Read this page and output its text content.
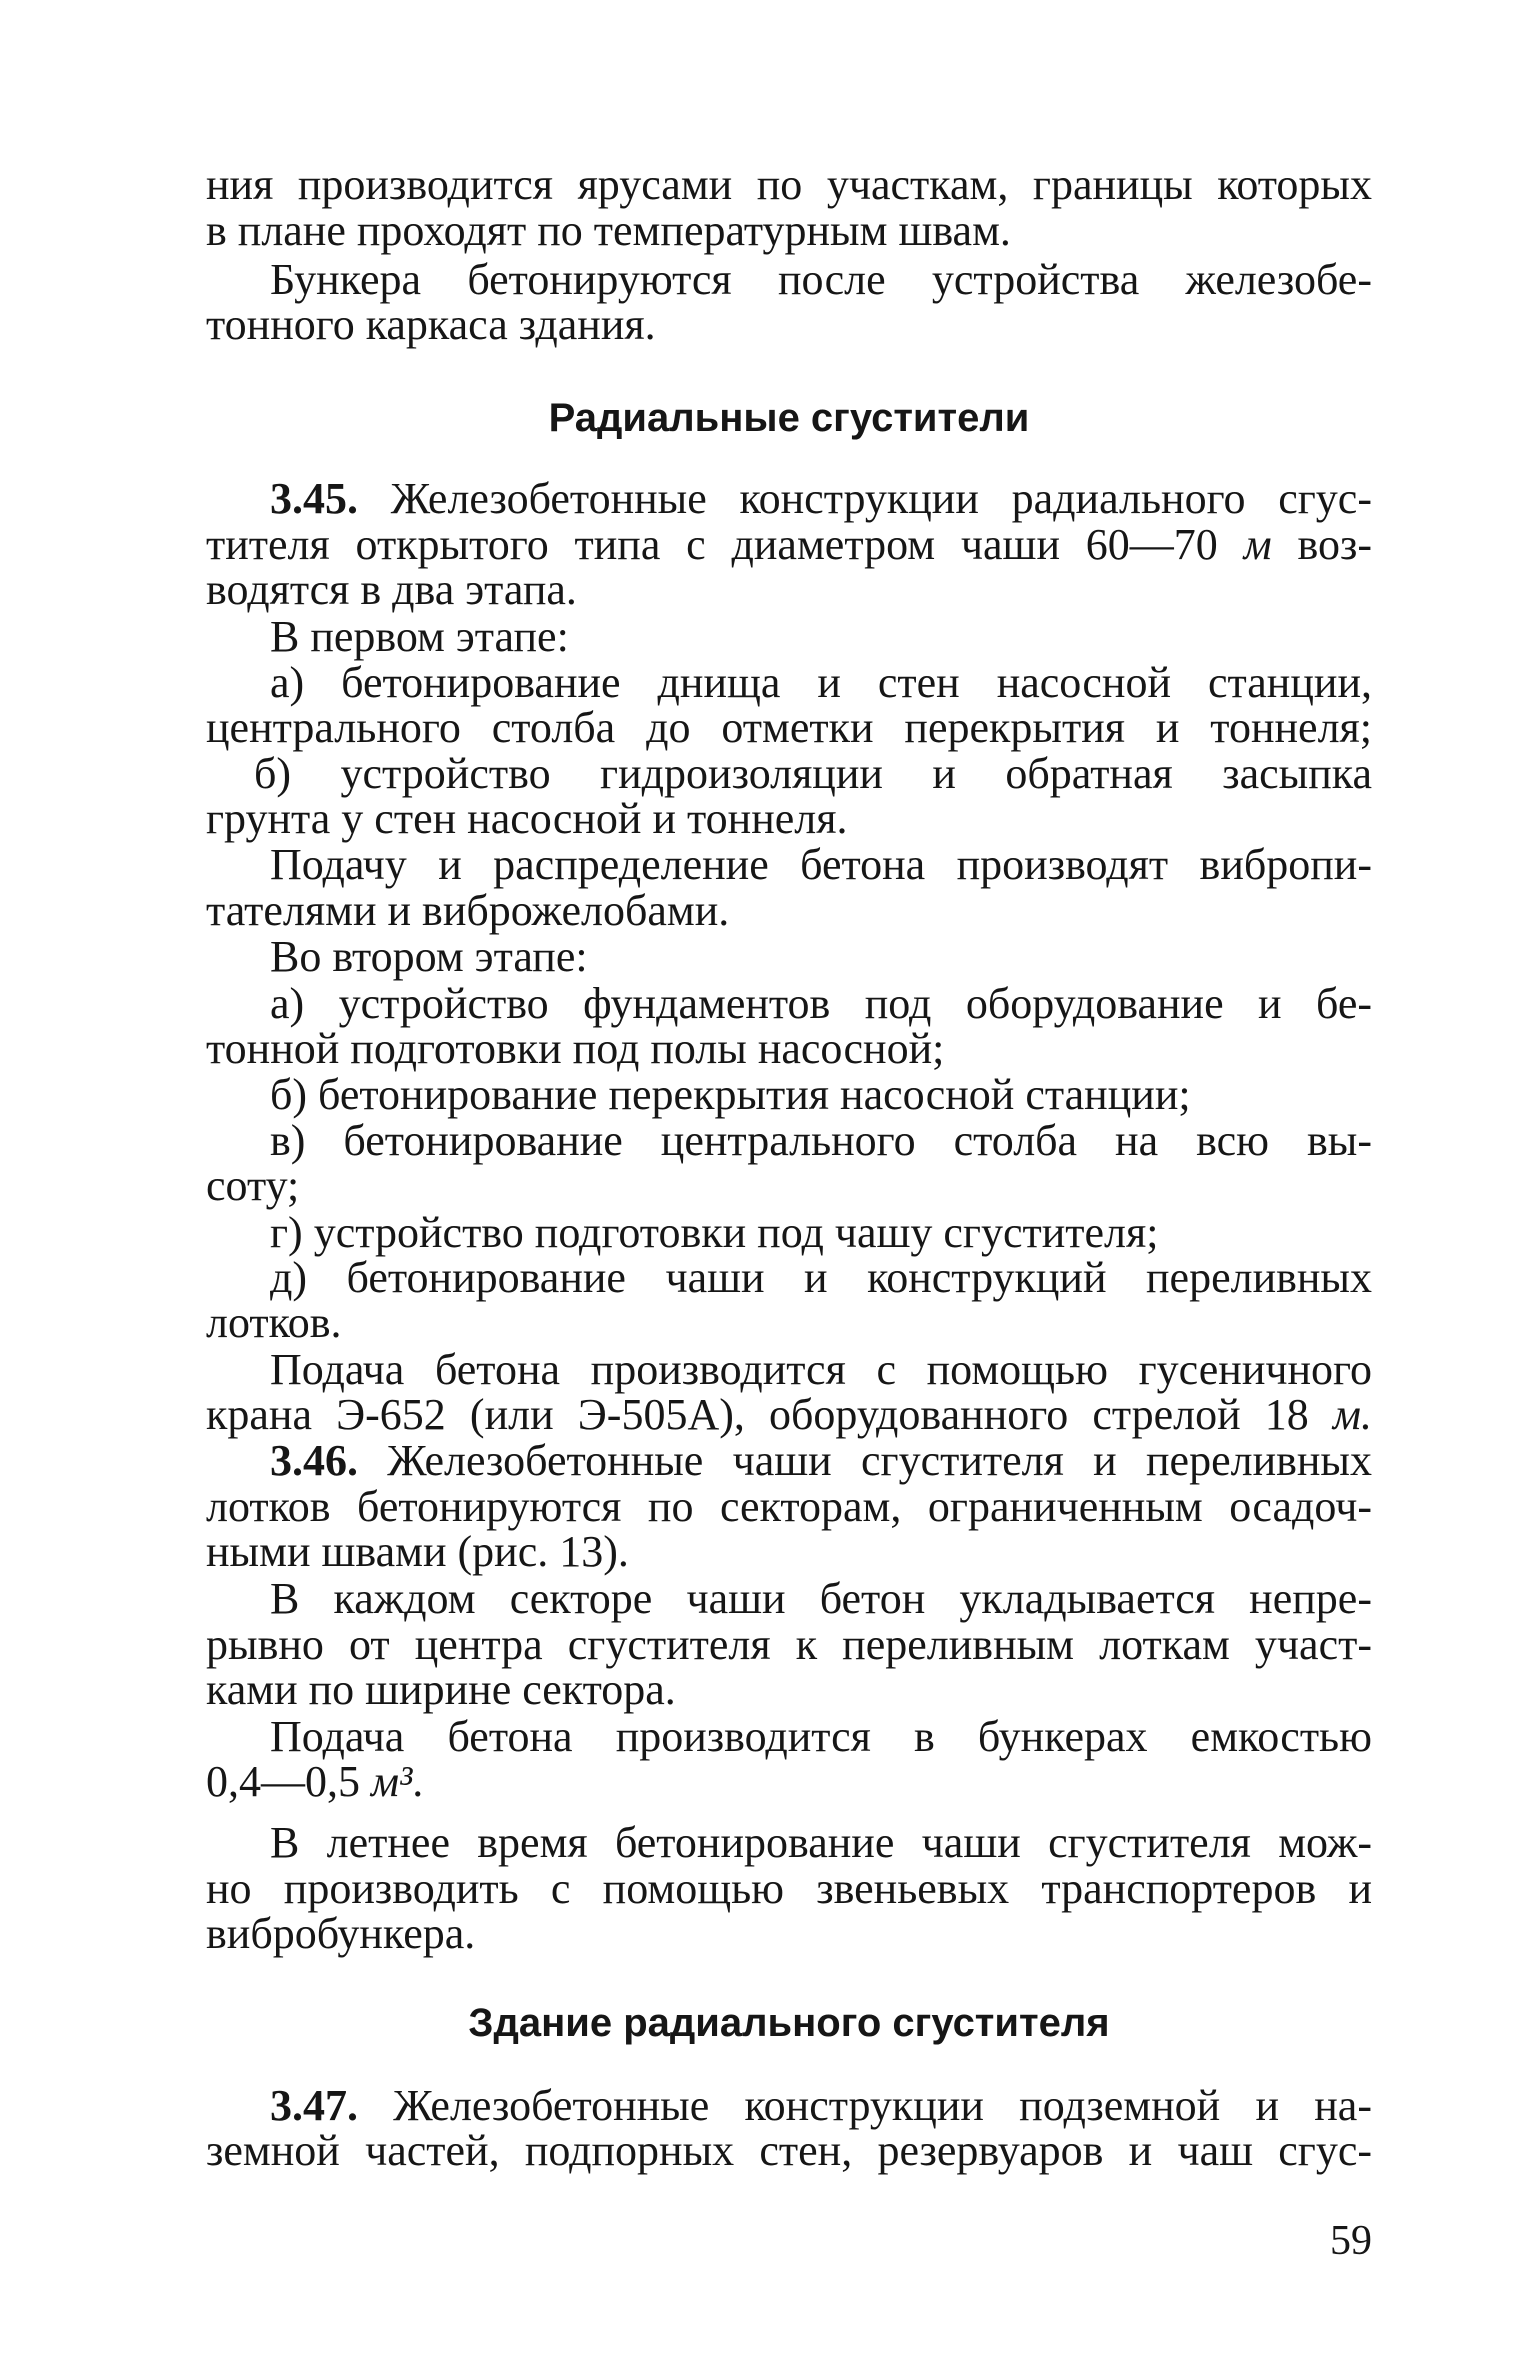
ния производится ярусами по участкам, границы которых
в плане проходят по температурным швам.
Бункера бетонируются после устройства железобе-
тонного каркаса здания.
Радиальные сгустители
3.45. Железобетонные конструкции радиального сгус-
тителя открытого типа с диаметром чаши 60—70 м воз-
водятся в два этапа.
В первом этапе:
а) бетонирование днища и стен насосной станции,
центрального столба до отметки перекрытия и тоннеля;
б) устройство гидроизоляции и обратная засыпка
грунта у стен насосной и тоннеля.
Подачу и распределение бетона производят вибропи-
тателями и виброжелобами.
Во втором этапе:
а) устройство фундаментов под оборудование и бе-
тонной подготовки под полы насосной;
б) бетонирование перекрытия насосной станции;
в) бетонирование центрального столба на всю вы-
соту;
г) устройство подготовки под чашу сгустителя;
д) бетонирование чаши и конструкций переливных
лотков.
Подача бетона производится с помощью гусеничного
крана Э-652 (или Э-505А), оборудованного стрелой 18 м.
3.46. Железобетонные чаши сгустителя и переливных
лотков бетонируются по секторам, ограниченным осадоч-
ными швами (рис. 13).
В каждом секторе чаши бетон укладывается непре-
рывно от центра сгустителя к переливным лоткам участ-
ками по ширине сектора.
Подача бетона производится в бункерах емкостью
0,4—0,5 м³.
В летнее время бетонирование чаши сгустителя мож-
но производить с помощью звеньевых транспортеров и
вибробункера.
Здание радиального сгустителя
3.47. Железобетонные конструкции подземной и на-
земной частей, подпорных стен, резервуаров и чаш сгус-
59
